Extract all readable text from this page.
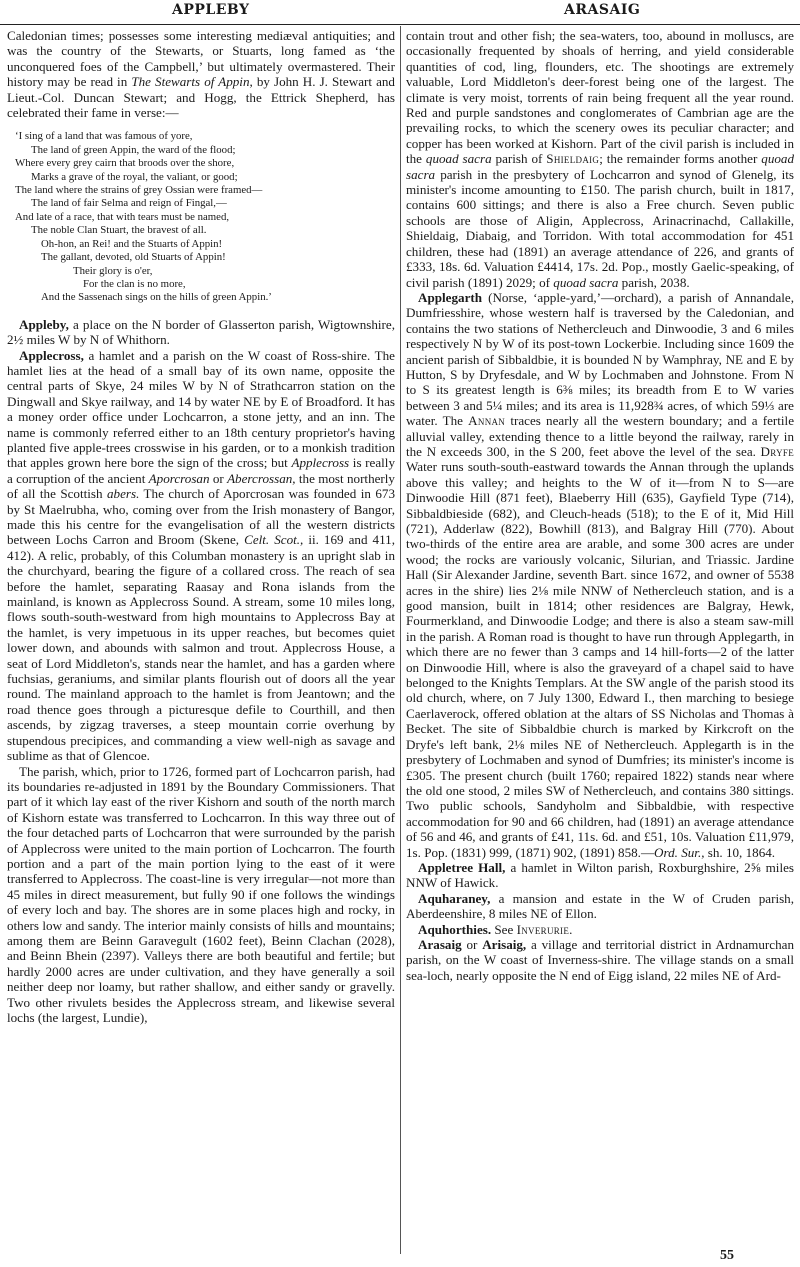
APPLEBY	ARASAIG

Caledonian times; possesses some interesting mediæval antiquities; and was the country of the Stewarts, or Stuarts, long famed as ‘the unconquered foes of the Campbell,’ but ultimately overmastered. Their history may be read in The Stewarts of Appin, by John H. J. Stewart and Lieut.-Col. Duncan Stewart; and Hogg, the Ettrick Shepherd, has celebrated their fame in verse:—

‘I sing of a land that was famous of yore,
The land of green Appin, the ward of the flood;
Where every grey cairn that broods over the shore,
Marks a grave of the royal, the valiant, or good;
The land where the strains of grey Ossian were framed—
The land of fair Selma and reign of Fingal,—
And late of a race, that with tears must be named,
The noble Clan Stuart, the bravest of all.
Oh-hon, an Rei! and the Stuarts of Appin!
The gallant, devoted, old Stuarts of Appin!
Their glory is o'er,
For the clan is no more,
And the Sassenach sings on the hills of green Appin.’

Appleby, a place on the N border of Glasserton parish, Wigtownshire, 2½ miles W by N of Whithorn.

Applecross, a hamlet and a parish on the W coast of Ross-shire. The hamlet lies at the head of a small bay of its own name, opposite the central parts of Skye, 24 miles W by N of Strathcarron station on the Dingwall and Skye railway, and 14 by water NE by E of Broadford. It has a money order office under Lochcarron, a stone jetty, and an inn. The name is commonly referred either to an 18th century proprietor's having planted five apple-trees crosswise in his garden, or to a monkish tradition that apples grown here bore the sign of the cross; but Applecross is really a corruption of the ancient Aporcrosan or Abercrossan, the most northerly of all the Scottish abers. The church of Aporcrosan was founded in 673 by St Maelrubha, who, coming over from the Irish monastery of Bangor, made this his centre for the evangelisation of all the western districts between Lochs Carron and Broom (Skene, Celt. Scot., ii. 169 and 411, 412). A relic, probably, of this Columban monastery is an upright slab in the churchyard, bearing the figure of a collared cross. The reach of sea before the hamlet, separating Raasay and Rona islands from the mainland, is known as Applecross Sound. A stream, some 10 miles long, flows south-south-westward from high mountains to Applecross Bay at the hamlet, is very impetuous in its upper reaches, but becomes quiet lower down, and abounds with salmon and trout. Applecross House, a seat of Lord Middleton's, stands near the hamlet, and has a garden where fuchsias, geraniums, and similar plants flourish out of doors all the year round. The mainland approach to the hamlet is from Jeantown; and the road thence goes through a picturesque defile to Courthill, and then ascends, by zigzag traverses, a steep mountain corrie overhung by stupendous precipices, and commanding a view well-nigh as savage and sublime as that of Glencoe.

The parish, which, prior to 1726, formed part of Lochcarron parish, had its boundaries re-adjusted in 1891 by the Boundary Commissioners. That part of it which lay east of the river Kishorn and south of the north march of Kishorn estate was transferred to Lochcarron. In this way three out of the four detached parts of Lochcarron that were surrounded by the parish of Applecross were united to the main portion of Lochcarron. The fourth portion and a part of the main portion lying to the east of it were transferred to Applecross. The coast-line is very irregular—not more than 45 miles in direct measurement, but fully 90 if one follows the windings of every loch and bay. The shores are in some places high and rocky, in others low and sandy. The interior mainly consists of hills and mountains; among them are Beinn Garavegult (1602 feet), Beinn Clachan (2028), and Beinn Bhein (2397). Valleys there are both beautiful and fertile; but hardly 2000 acres are under cultivation, and they have generally a soil neither deep nor loamy, but rather shallow, and either sandy or gravelly. Two other rivulets besides the Applecross stream, and likewise several lochs (the largest, Lundie),

contain trout and other fish; the sea-waters, too, abound in molluscs, are occasionally frequented by shoals of herring, and yield considerable quantities of cod, ling, flounders, etc. The shootings are extremely valuable, Lord Middleton's deer-forest being one of the largest. The climate is very moist, torrents of rain being frequent all the year round. Red and purple sandstones and conglomerates of Cambrian age are the prevailing rocks, to which the scenery owes its peculiar character; and copper has been worked at Kishorn. Part of the civil parish is included in the quoad sacra parish of Shieldaig; the remainder forms another quoad sacra parish in the presbytery of Lochcarron and synod of Glenelg, its minister's income amounting to £150. The parish church, built in 1817, contains 600 sittings; and there is also a Free church. Seven public schools are those of Aligin, Applecross, Arinacrinachd, Callakille, Shieldaig, Diabaig, and Torridon. With total accommodation for 451 children, these had (1891) an average attendance of 226, and grants of £333, 18s. 6d. Valuation £4414, 17s. 2d. Pop., mostly Gaelic-speaking, of civil parish (1891) 2029; of quoad sacra parish, 2038.

Applegarth (Norse, ‘apple-yard,’—orchard), a parish of Annandale, Dumfriesshire, whose western half is traversed by the Caledonian, and contains the two stations of Nethercleuch and Dinwoodie, 3 and 6 miles respectively N by W of its post-town Lockerbie. Including since 1609 the ancient parish of Sibbaldbie, it is bounded N by Wamphray, NE and E by Hutton, S by Dryfesdale, and W by Lochmaben and Johnstone. From N to S its greatest length is 6⅜ miles; its breadth from E to W varies between 3 and 5¼ miles; and its area is 11,928¾ acres, of which 59⅓ are water. The Annan traces nearly all the western boundary; and a fertile alluvial valley, extending thence to a little beyond the railway, rarely in the N exceeds 300, in the S 200, feet above the level of the sea. Dryfe Water runs south-south-eastward towards the Annan through the uplands above this valley; and heights to the W of it—from N to S—are Dinwoodie Hill (871 feet), Blaeberry Hill (635), Gayfield Type (714), Sibbaldbieside (682), and Cleuch-heads (518); to the E of it, Mid Hill (721), Adderlaw (822), Bowhill (813), and Balgray Hill (770). About two-thirds of the entire area are arable, and some 300 acres are under wood; the rocks are variously volcanic, Silurian, and Triassic. Jardine Hall (Sir Alexander Jardine, seventh Bart. since 1672, and owner of 5538 acres in the shire) lies 2⅛ mile NNW of Nethercleuch station, and is a good mansion, built in 1814; other residences are Balgray, Hewk, Fourmerkland, and Dinwoodie Lodge; and there is also a steam saw-mill in the parish. A Roman road is thought to have run through Applegarth, in which there are no fewer than 3 camps and 14 hill-forts—2 of the latter on Dinwoodie Hill, where is also the graveyard of a chapel said to have belonged to the Knights Templars. At the SW angle of the parish stood its old church, where, on 7 July 1300, Edward I., then marching to besiege Caerlaverock, offered oblation at the altars of SS Nicholas and Thomas à Becket. The site of Sibbaldbie church is marked by Kirkcroft on the Dryfe's left bank, 2⅛ miles NE of Nethercleuch. Applegarth is in the presbytery of Lochmaben and synod of Dumfries; its minister's income is £305. The present church (built 1760; repaired 1822) stands near where the old one stood, 2 miles SW of Nethercleuch, and contains 380 sittings. Two public schools, Sandyholm and Sibbaldbie, with respective accommodation for 90 and 66 children, had (1891) an average attendance of 56 and 46, and grants of £41, 11s. 6d. and £51, 10s. Valuation £11,979, 1s. Pop. (1831) 999, (1871) 902, (1891) 858.—Ord. Sur., sh. 10, 1864.

Appletree Hall, a hamlet in Wilton parish, Roxburghshire, 2⅝ miles NNW of Hawick.

Aquharaney, a mansion and estate in the W of Cruden parish, Aberdeenshire, 8 miles NE of Ellon.

Aquhorthies. See Inverurie.

Arasaig or Arisaig, a village and territorial district in Ardnamurchan parish, on the W coast of Inverness-shire. The village stands on a small sea-loch, nearly opposite the N end of Eigg island, 22 miles NE of Ard-

55
